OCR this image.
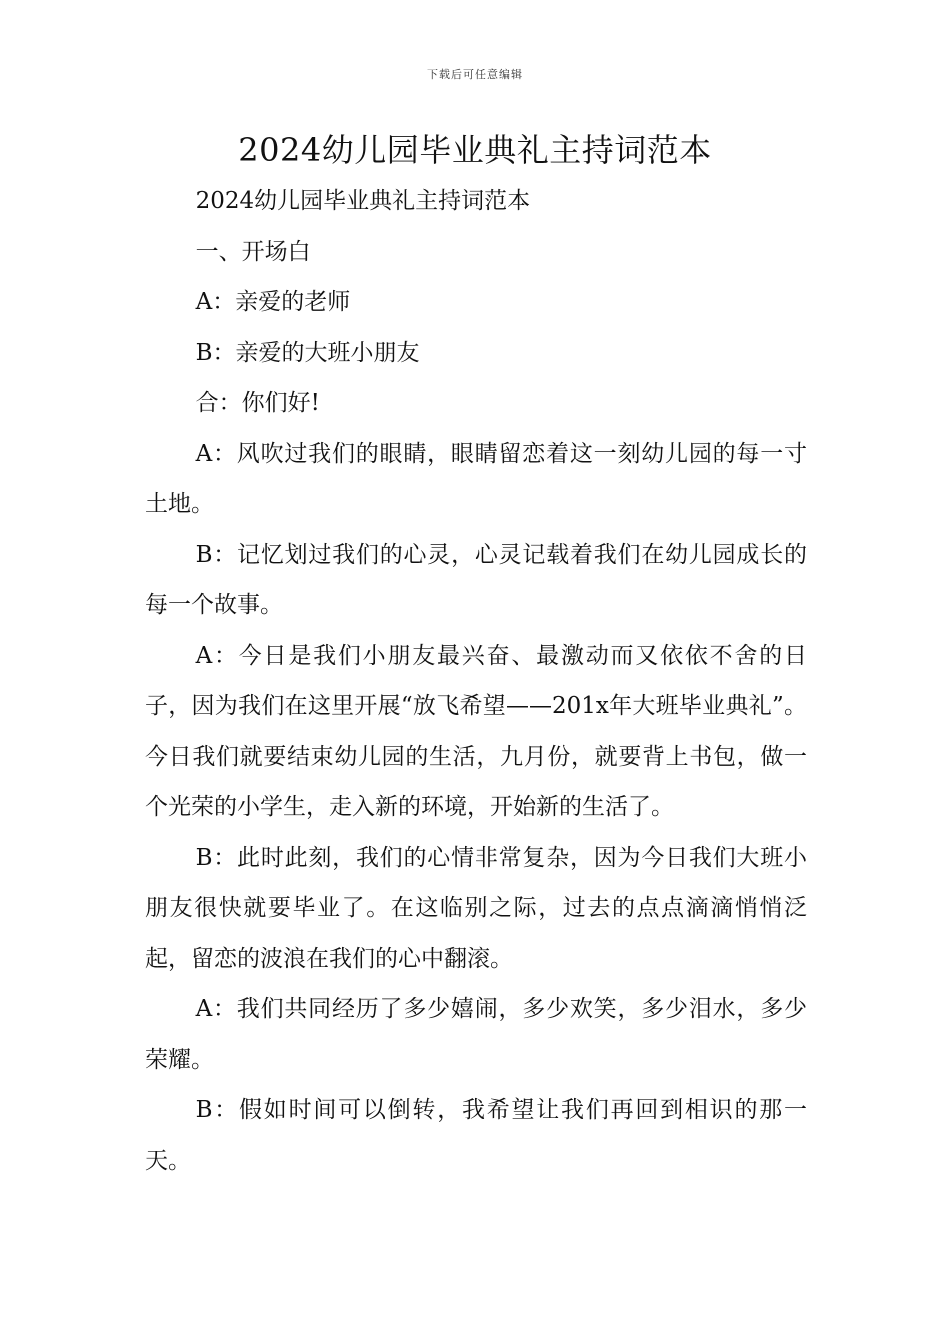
下载后可任意编辑
2024幼儿园毕业典礼主持词范本

2024幼儿园毕业典礼主持词范本

一、开场白

A：亲爱的老师

B：亲爱的大班小朋友

合：你们好!

A：风吹过我们的眼睛，眼睛留恋着这一刻幼儿园的每一寸土地。

B：记忆划过我们的心灵，心灵记载着我们在幼儿园成长的每一个故事。

A：今日是我们小朋友最兴奋、最激动而又依依不舍的日子，因为我们在这里开展“放飞希望——201x年大班毕业典礼”。今日我们就要结束幼儿园的生活，九月份，就要背上书包，做一个光荣的小学生，走入新的环境，开始新的生活了。

B：此时此刻，我们的心情非常复杂，因为今日我们大班小朋友很快就要毕业了。在这临别之际，过去的点点滴滴悄悄泛起，留恋的波浪在我们的心中翻滚。

A：我们共同经历了多少嬉闹，多少欢笑，多少泪水，多少荣耀。

B：假如时间可以倒转，我希望让我们再回到相识的那一天。
